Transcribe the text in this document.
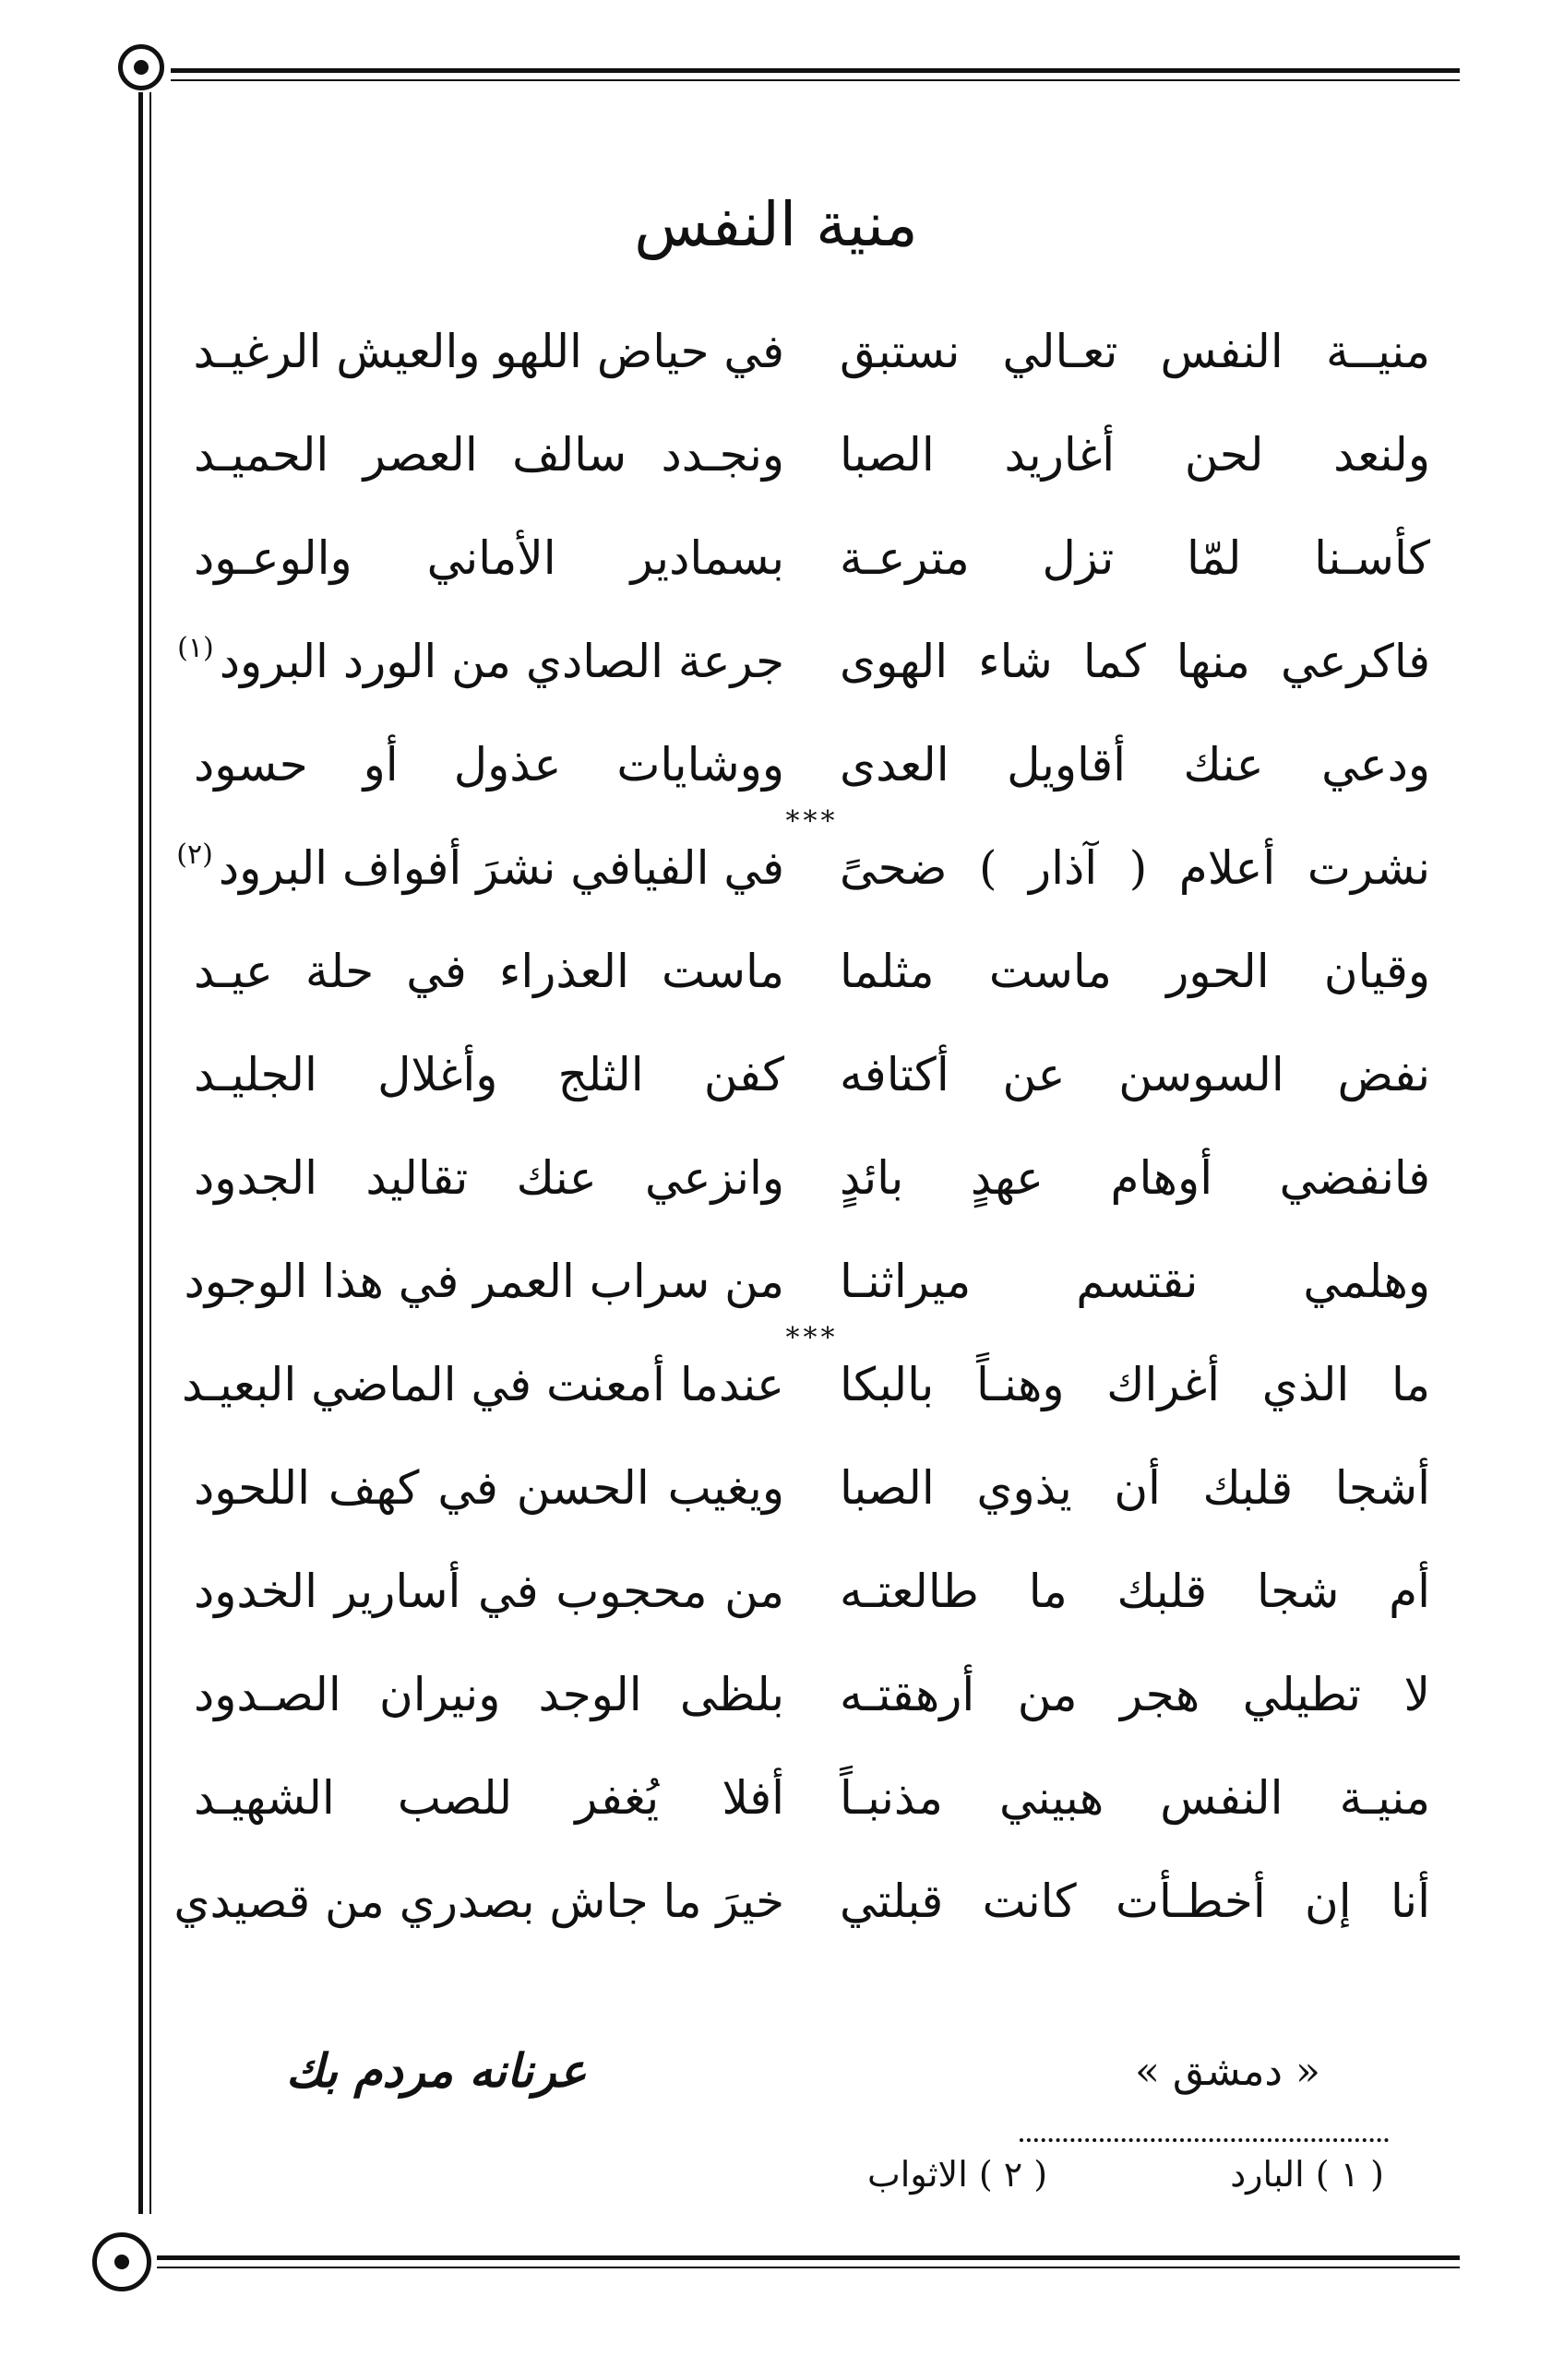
منية النفس
منيــة النفس تعـالي نستبق
في حياض اللهو والعيش الرغيـد
ولنعد لحن أغاريد الصبا
ونجـدد سالف العصر الحميـد
كأسـنا لمّا تزل مترعـة
بسمادير الأماني والوعـود
فاكرعي منها كما شاء الهوى
جرعة الصادي من الورد البرود$^{(١)}$
ودعي عنك أقاويل العدى
ووشايات عذول أو حسود
***
نشرت أعلام ( آذار ) ضحىً
في الفيافي نشرَ أفواف البرود$^{(٢)}$
وقيان الحور ماست مثلما
ماست العذراء في حلة عيـد
نفض السوسن عن أكتافه
كفن الثلج وأغلال الجليـد
فانفضي أوهام عهدٍ بائدٍ
وانزعي عنك تقاليد الجدود
وهلمي نقتسم ميراثنـا
من سراب العمر في هذا الوجود
***
ما الذي أغراك وهنـاً بالبكا
عندما أمعنت في الماضي البعيـد
أشجا قلبك أن يذوي الصبا
ويغيب الحسن في كهف اللحود
أم شجا قلبك ما طالعتـه
من محجوب في أسارير الخدود
لا تطيلي هجر من أرهقتـه
بلظى الوجد ونيران الصـدود
منيـة النفس هبيني مذنبـاً
أفلا يُغفر للصب الشهيـد
أنا إن أخطـأت كانت قبلتي
خيرَ ما جاش بصدري من قصيدي
« دمشق »
عرنانه مردم بك
( ١ ) البارد
( ٢ ) الاثواب
